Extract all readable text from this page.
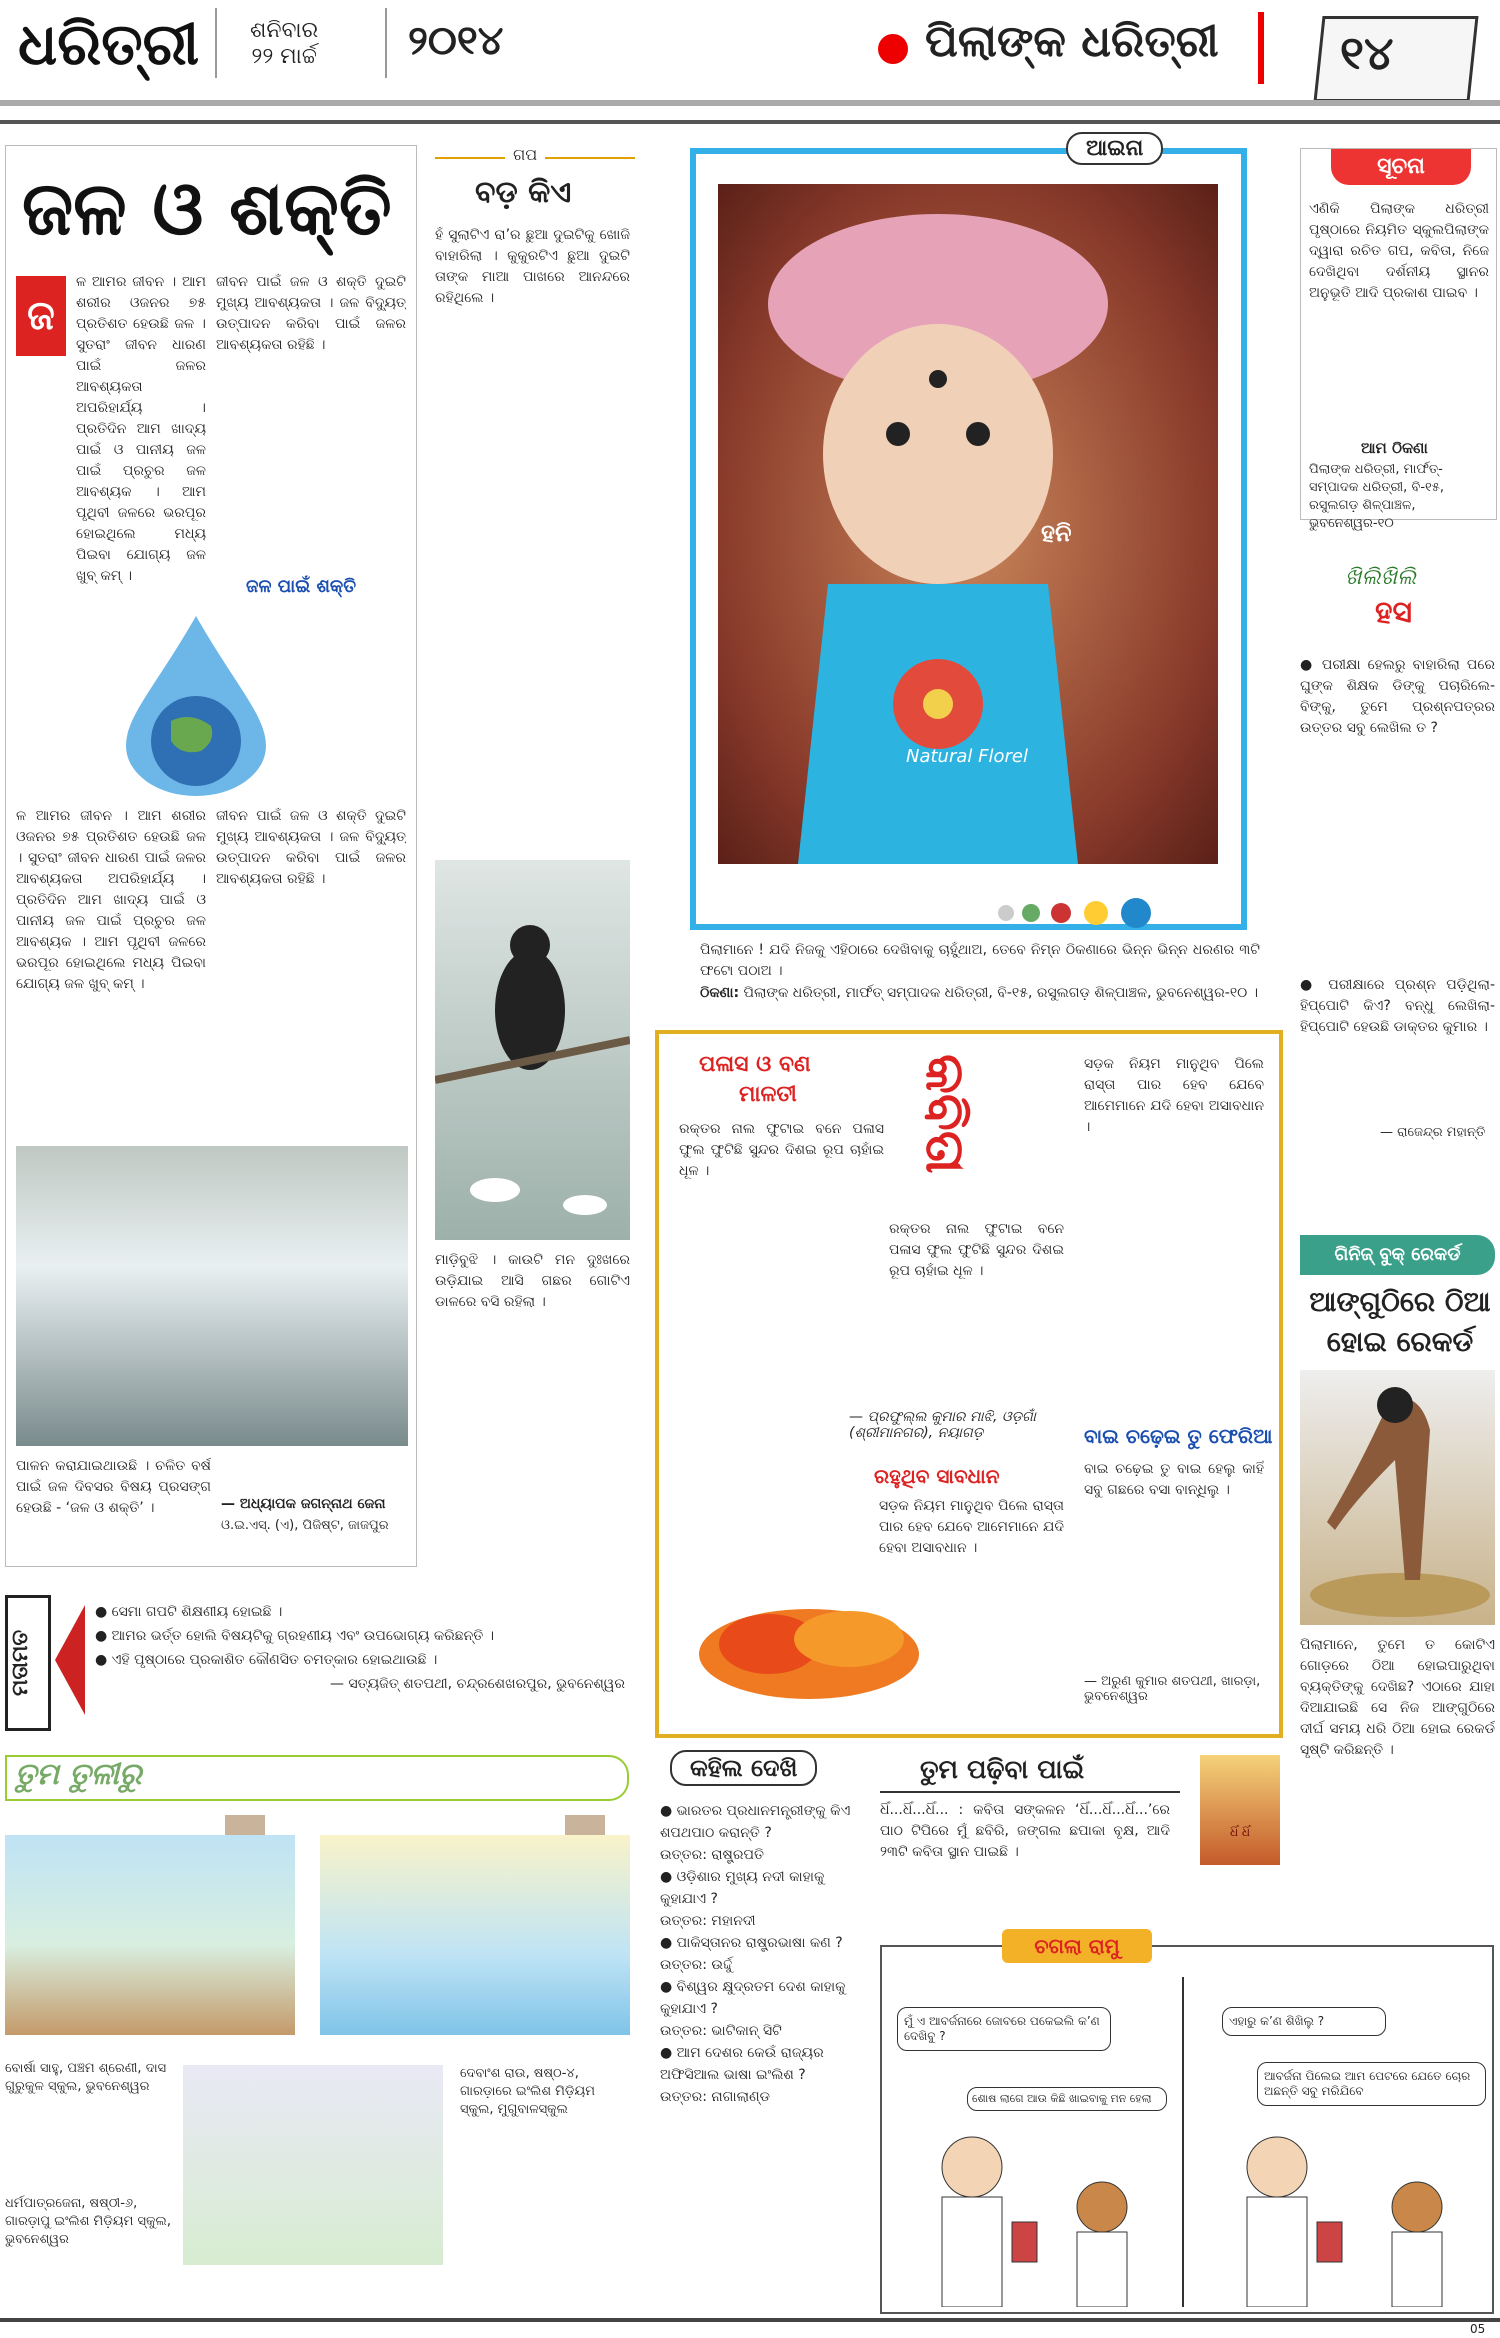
ଧରିତ୍ରୀ ଶନିବାର
୨୨ ମାର୍ଚ୍ଚ ୨୦୧୪	ପିଲାଙ୍କ ଧରିତ୍ରୀ	୧୪
ଜଳ ଓ ଶକ୍ତି
ଜ
ଳ ଆମର ଜୀବନ । ଆମ ଶରୀର ଓଜନର ୭୫ ପ୍ରତିଶତ ହେଉଛି ଜଳ । ସୁତରାଂ ଜୀବନ ଧାରଣ ପାଇଁ ଜଳର ଆବଶ୍ୟକତା ଅପରିହାର୍ଯ୍ୟ । ପ୍ରତିଦିନ ଆମ ଖାଦ୍ୟ ପାଇଁ ଓ ପାନୀୟ ଜଳ ପାଇଁ ପ୍ରଚୁର ଜଳ ଆବଶ୍ୟକ । ଆମ ପୃଥିବୀ ଜଳରେ ଭରପୂର ହୋଇଥିଲେ ମଧ୍ୟ ପିଇବା ଯୋଗ୍ୟ ଜଳ ଖୁବ୍ କମ୍ ।
ଜୀବନ ପାଇଁ ଜଳ ଓ ଶକ୍ତି ଦୁଇଟି ମୁଖ୍ୟ ଆବଶ୍ୟକତା । ଜଳ ବିଦ୍ୟୁତ୍ ଉତ୍ପାଦନ କରିବା ପାଇଁ ଜଳର ଆବଶ୍ୟକତା ରହିଛି ।
ଜଳ ପାଇଁ ଶକ୍ତି
ଳ ଆମର ଜୀବନ । ଆମ ଶରୀର ଓଜନର ୭୫ ପ୍ରତିଶତ ହେଉଛି ଜଳ । ସୁତରାଂ ଜୀବନ ଧାରଣ ପାଇଁ ଜଳର ଆବଶ୍ୟକତା ଅପରିହାର୍ଯ୍ୟ । ପ୍ରତିଦିନ ଆମ ଖାଦ୍ୟ ପାଇଁ ଓ ପାନୀୟ ଜଳ ପାଇଁ ପ୍ରଚୁର ଜଳ ଆବଶ୍ୟକ । ଆମ ପୃଥିବୀ ଜଳରେ ଭରପୂର ହୋଇଥିଲେ ମଧ୍ୟ ପିଇବା ଯୋଗ୍ୟ ଜଳ ଖୁବ୍ କମ୍ ।
ଜୀବନ ପାଇଁ ଜଳ ଓ ଶକ୍ତି ଦୁଇଟି ମୁଖ୍ୟ ଆବଶ୍ୟକତା । ଜଳ ବିଦ୍ୟୁତ୍ ଉତ୍ପାଦନ କରିବା ପାଇଁ ଜଳର ଆବଶ୍ୟକତା ରହିଛି ।
ପାଳନ କରାଯାଇଥାଉଛି । ଚଳିତ ବର୍ଷ ପାଇଁ ଜଳ ଦିବସର ବିଷୟ ପ୍ରସଙ୍ଗ ହେଉଛି - ‘ଜଳ ଓ ଶକ୍ତି’ ।	— ଅଧ୍ୟାପକ ଜଗନ୍ନାଥ ଜେନା
ଓ.ଇ.ଏସ୍. (ଏ), ପିଜିଷ୍ଟ, ଜାଜପୁର
ଗପ
ବଡ଼ କିଏ
ହଁ ସୁଲାଟିଏ ରା’ର ଛୁଆ ଦୁଇଟିକୁ ଖୋଜି ବାହାରିଲା । କୁକୁରଟିଏ ଛୁଆ ଦୁଇଟି ତାଙ୍କ ମାଆ ପାଖରେ ଆନନ୍ଦରେ ରହିଥିଲେ ।
ମାଡ଼ିବୁଝି । କାଉଟି ମନ ଦୁଃଖରେ ଉଡ଼ିଯାଇ ଆସି ଗଛର ଗୋଟିଏ ଡାଳରେ ବସି ରହିଲା ।
ଆଇନା
ହନି
Natural Florel
ପିଲାମାନେ ! ଯଦି ନିଜକୁ ଏହିଠାରେ ଦେଖିବାକୁ ଚାହୁଁଥାଅ, ତେବେ ନିମ୍ନ ଠିକଣାରେ ଭିନ୍ନ ଭିନ୍ନ ଧରଣର ୩ଟି ଫଟୋ ପଠାଅ ।
ଠିକଣା: ପିଲାଙ୍କ ଧରିତ୍ରୀ, ମାର୍ଫତ୍ ସମ୍ପାଦକ ଧରିତ୍ରୀ, ବି-୧୫, ରସୁଲଗଡ଼ ଶିଳ୍ପାଞ୍ଚଳ, ଭୁବନେଶ୍ୱର-୧୦ ।
ସୂଚନା
ଏଣିକି ପିଲାଙ୍କ ଧରିତ୍ରୀ ପୃଷ୍ଠାରେ ନିୟମିତ ସ୍କୁଲପିଲାଙ୍କ ଦ୍ୱାରା ରଚିତ ଗପ, କବିତା, ନିଜେ ଦେଖିଥିବା ଦର୍ଶନୀୟ ସ୍ଥାନର ଅନୁଭୂତି ଆଦି ପ୍ରକାଶ ପାଇବ ।
ଆମ ଠିକଣା
ପିଲାଙ୍କ ଧରିତ୍ରୀ, ମାର୍ଫତ୍- ସମ୍ପାଦକ ଧରିତ୍ରୀ, ବି-୧୫, ରସୁଲଗଡ଼ ଶିଳ୍ପାଞ୍ଚଳ, ଭୁବନେଶ୍ୱର-୧୦
ଖିଲିଖିଲି
ହସ
● ପରୀକ୍ଷା ହେଲରୁ ବାହାରିଲା ପରେ ଘୁଙ୍କ ଶିକ୍ଷକ ଡିଙ୍କୁ ପଚାରିଲେ- ବିଙ୍କୁ, ତୁମେ ପ୍ରଶ୍ନପତ୍ରର ଉତ୍ତର ସବୁ ଲେଖିଲ ତ ?
● ପରୀକ୍ଷାରେ ପ୍ରଶ୍ନ ପଡ଼ିଥିଲା- ହିପ୍ପୋଟି କିଏ? ବନ୍ଧୁ ଲେଖିଲା- ହିପ୍ପୋଟି ହେଉଛି ଡାକ୍ତର କୁମାର ।
— ରାଜେନ୍ଦ୍ର ମହାନ୍ତି
ଗିନିଜ୍ ବୁକ୍ ରେକର୍ଡ
ଆଙ୍ଗୁଠିରେ ଠିଆ
ହୋଇ ରେକର୍ଡ
ପିଲାମାନେ, ତୁମେ ତ କୋଟିଏ ଗୋଡ଼ରେ ଠିଆ ହୋଇପାରୁଥିବା ବ୍ୟକ୍ତିଙ୍କୁ ଦେଖିଛ? ଏଠାରେ ଯାହା ଦିଆଯାଇଛି ସେ ନିଜ ଆଙ୍ଗୁଠିରେ ଦୀର୍ଘ ସମୟ ଧରି ଠିଆ ହୋଇ ରେକର୍ଡ ସୃଷ୍ଟି କରିଛନ୍ତି ।
ପଳାସ ଓ ବଣ
ମାଳତୀ
ରକ୍ତର ନାଲ ଫୁଟାଇ ବନେ ପଳାସ ଫୁଲ ଫୁଟିଛି ସୁନ୍ଦର ଦିଶଇ ରୂପ ଚାହାଁଇ ଧୂଳ ।	କବିତା
ରକ୍ତର ନାଲ ଫୁଟାଇ ବନେ ପଳାସ ଫୁଲ ଫୁଟିଛି ସୁନ୍ଦର ଦିଶଇ ରୂପ ଚାହାଁଇ ଧୂଳ ।
— ପ୍ରଫୁଲ୍ଲ କୁମାର ମାଝି, ଓଡ଼ଗାଁ (ଶ୍ରୀମାନଗର), ନୟାଗଡ଼
ରହୁଥିବ ସାବଧାନ
ସଡ଼କ ନିୟମ ମାନୁଥିବ ପିଲେ ରାସ୍ତା ପାର ହେବ ଯେବେ ଆମେମାନେ ଯଦି ହେବା ଅସାବଧାନ ।
ସଡ଼କ ନିୟମ ମାନୁଥିବ ପିଲେ ରାସ୍ତା ପାର ହେବ ଯେବେ ଆମେମାନେ ଯଦି ହେବା ଅସାବଧାନ ।
ବାଇ ଚଢ଼େଇ ତୁ ଫେରିଆ
ବାଇ ଚଢ଼େଇ ତୁ ବାଇ ହେଲୁ କାହିଁ ସବୁ ଗଛରେ ବସା ବାନ୍ଧିଲୁ ।
— ଅରୁଣ କୁମାର ଶତପଥୀ, ଖାରଡ଼ା, ଭୁବନେଶ୍ୱର
ମତାମତ
● ସେମା ଗପଟି ଶିକ୍ଷଣୀୟ ହୋଇଛି ।
● ଆମର ଭର୍ତ୍ତ ହୋଲି ବିଷୟଟିକୁ ଗ୍ରହଣୀୟ ଏବଂ ଉପଭୋଗ୍ୟ କରିଛନ୍ତି ।
● ଏହି ପୃଷ୍ଠାରେ ପ୍ରକାଶିତ କୌଣସିତ ଚମତ୍କାର ହୋଇଥାଉଛି ।
— ସତ୍ୟଜିତ୍ ଶତପଥୀ, ଚନ୍ଦ୍ରଶେଖରପୁର, ଭୁବନେଶ୍ୱର
ତୁମ ତୁଳୀରୁ
ବୋର୍ଷା ସାହୁ, ପଞ୍ଚମ ଶ୍ରେଣୀ, ଦାସ ଗୁରୁକୁଳ ସ୍କୁଲ, ଭୁବନେଶ୍ୱର
ଧର୍ମପାତ୍ରଜେନା, ଷଷ୍ଠୀ-୬, ଗାରଡ଼ାପୁ ଇଂଲିଶ ମିଡ଼ିୟମ ସ୍କୁଲ, ଭୁବନେଶ୍ୱର
ଦେବାଂଶ ରାଉ, ଷଷ୍ଠ-୪, ଗାରଡ଼ାରେ ଇଂଲିଶ ମିଡ଼ିୟମ ସ୍କୁଲ, ମୁଗୁବାଳସ୍କୁଲ
କହିଲ ଦେଖି
● ଭାରତର ପ୍ରଧାନମନ୍ତ୍ରୀଙ୍କୁ କିଏ ଶପଥପାଠ କରାନ୍ତି ?
ଉତ୍ତର: ରାଷ୍ଟ୍ରପତି
● ଓଡ଼ିଶାର ମୁଖ୍ୟ ନଦୀ କାହାକୁ କୁହାଯାଏ ?
ଉତ୍ତର: ମହାନଦୀ
● ପାକିସ୍ତାନର ରାଷ୍ଟ୍ରଭାଷା କଣ ?
ଉତ୍ତର: ଉର୍ଦ୍ଦୁ
● ବିଶ୍ୱର କ୍ଷୁଦ୍ରତମ ଦେଶ କାହାକୁ କୁହାଯାଏ ?
ଉତ୍ତର: ଭାଟିକାନ୍ ସିଟି
● ଆମ ଦେଶର କେଉଁ ରାଜ୍ୟର ଅଫିସିଆଲ ଭାଷା ଇଂଲିଶ ?
ଉତ୍ତର: ନାଗାଲାଣ୍ଡ
ତୁମ ପଢ଼ିବା ପାଇଁ
ଧିଁ...ଧିଁ...ଧିଁ... : କବିତା ସଙ୍କଳନ ‘ଧିଁ...ଧିଁ...ଧିଁ...’ରେ ପାଠ ଟିପିରେ ମୁଁ ଛବିରି, ଜଙ୍ଗଲ ଛପାକା ବୃକ୍ଷ, ଆଦି ୨୩ଟି କବିତା ସ୍ଥାନ ପାଇଛି ।
ଧିଁ ଧିଁ
ଚଗଲା ରାମୁ
ମୁଁ ଏ ଆବର୍ଜନାରେ ଜୋବରେ ପକେଇଲି କ’ଣ ଦେଖିବୁ ?
ଶୋଷ ଲାଗେ ଆଉ କିଛି ଖାଇବାକୁ ମନ ହେଲା
ଏହାରୁ କ’ଣ ଶିଖିଲୁ ?
ଆବର୍ଜନା ପିଲେଇ ଆମ ପେଟରେ ଯେତେ ଚୋର ଅଛନ୍ତି ସବୁ ମରିଯିବେ
05
